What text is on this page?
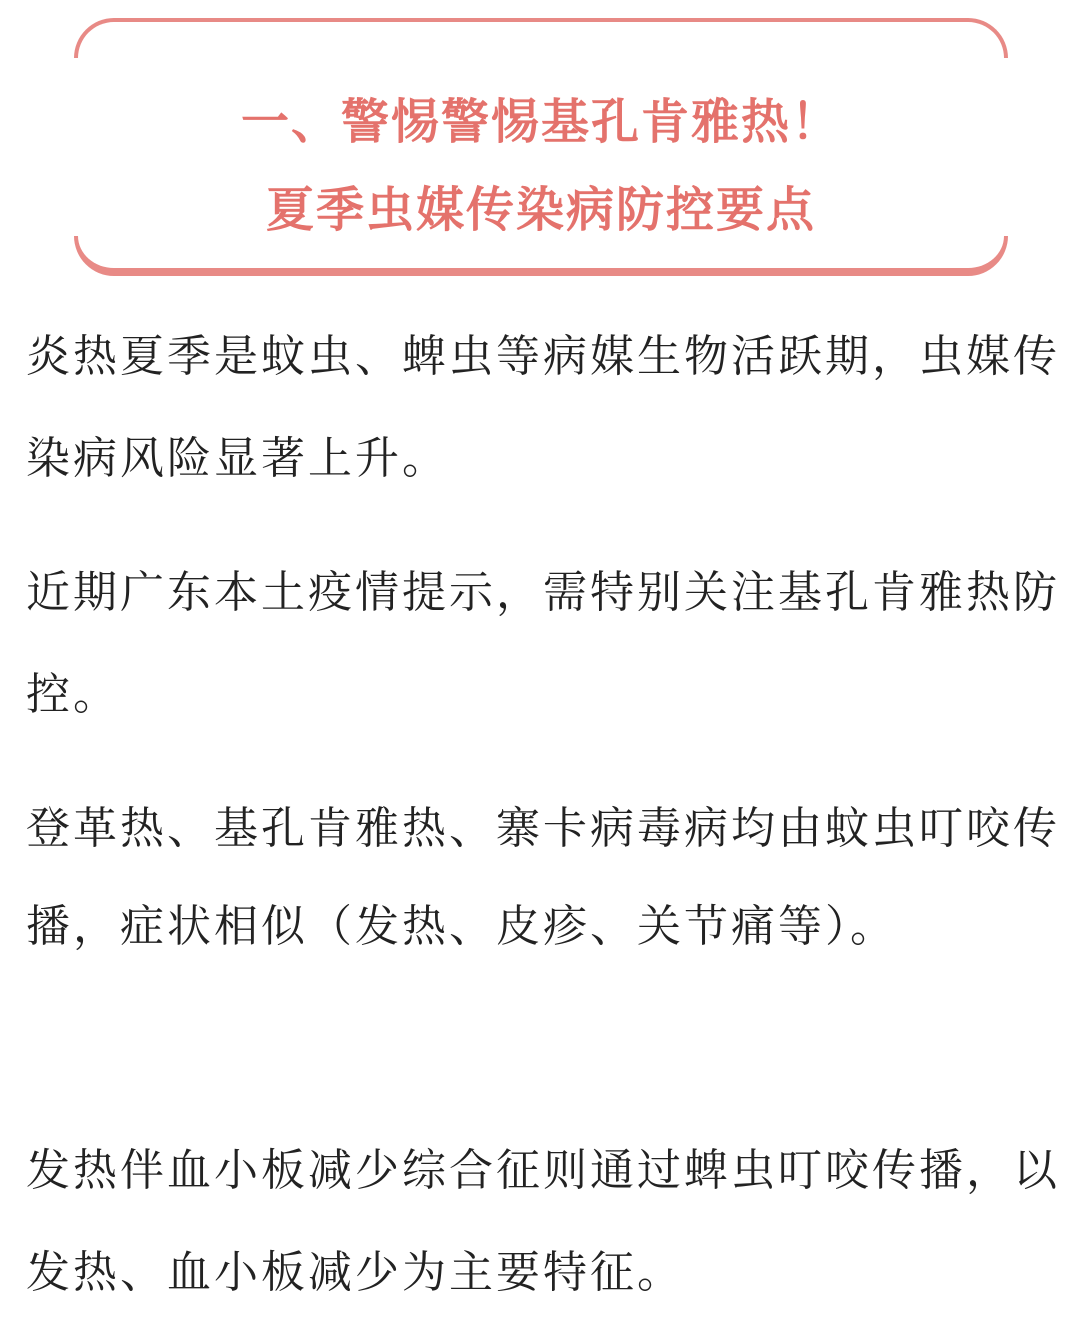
一、警惕警惕基孔肯雅热！
夏季虫媒传染病防控要点

炎热夏季是蚊虫、蜱虫等病媒生物活跃期，虫媒传染病风险显著上升。

近期广东本土疫情提示，需特别关注基孔肯雅热防控。

登革热、基孔肯雅热、寨卡病毒病均由蚊虫叮咬传播，症状相似（发热、皮疹、关节痛等）。

发热伴血小板减少综合征则通过蜱虫叮咬传播，以发热、血小板减少为主要特征。
